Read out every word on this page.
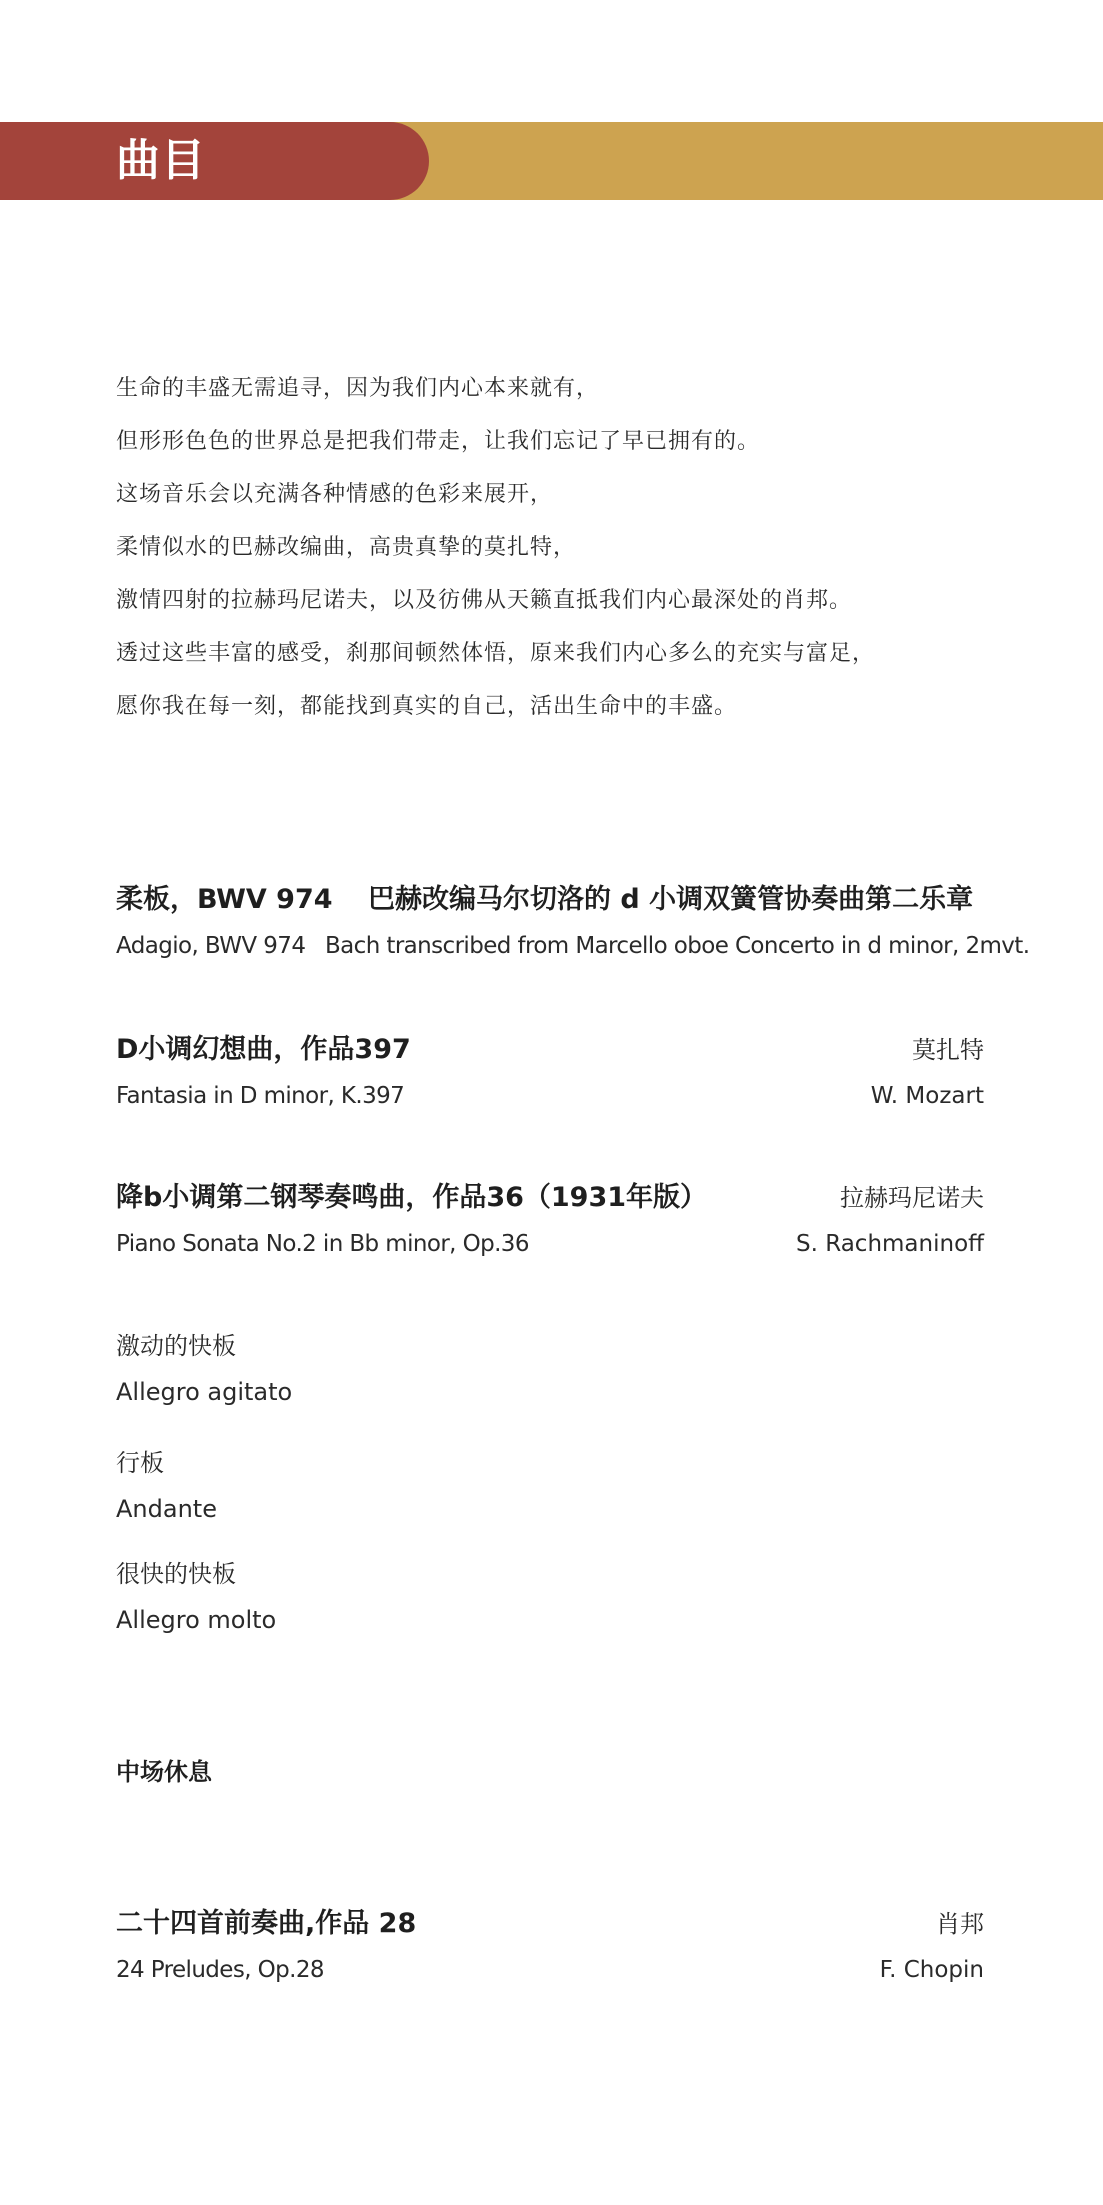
曲目
生命的丰盛无需追寻，因为我们内心本来就有，
但形形色色的世界总是把我们带走，让我们忘记了早已拥有的。
这场音乐会以充满各种情感的色彩来展开，
柔情似水的巴赫改编曲，高贵真挚的莫扎特，
激情四射的拉赫玛尼诺夫，以及彷佛从天籁直抵我们内心最深处的肖邦。
透过这些丰富的感受，刹那间顿然体悟，原来我们内心多么的充实与富足，
愿你我在每一刻，都能找到真实的自己，活出生命中的丰盛。
柔板，BWV 974 巴赫改编马尔切洛的 d 小调双簧管协奏曲第二乐章
Adagio, BWV 974 Bach transcribed from Marcello oboe Concerto in d minor, 2mvt.
D小调幻想曲，作品397	莫扎特
Fantasia in D minor, K.397	W. Mozart
降b小调第二钢琴奏鸣曲，作品36（1931年版）	拉赫玛尼诺夫
Piano Sonata No.2 in Bb minor, Op.36	S. Rachmaninoff
激动的快板
Allegro agitato
行板
Andante
很快的快板
Allegro molto
中场休息
二十四首前奏曲,作品 28	肖邦
24 Preludes, Op.28	F. Chopin
